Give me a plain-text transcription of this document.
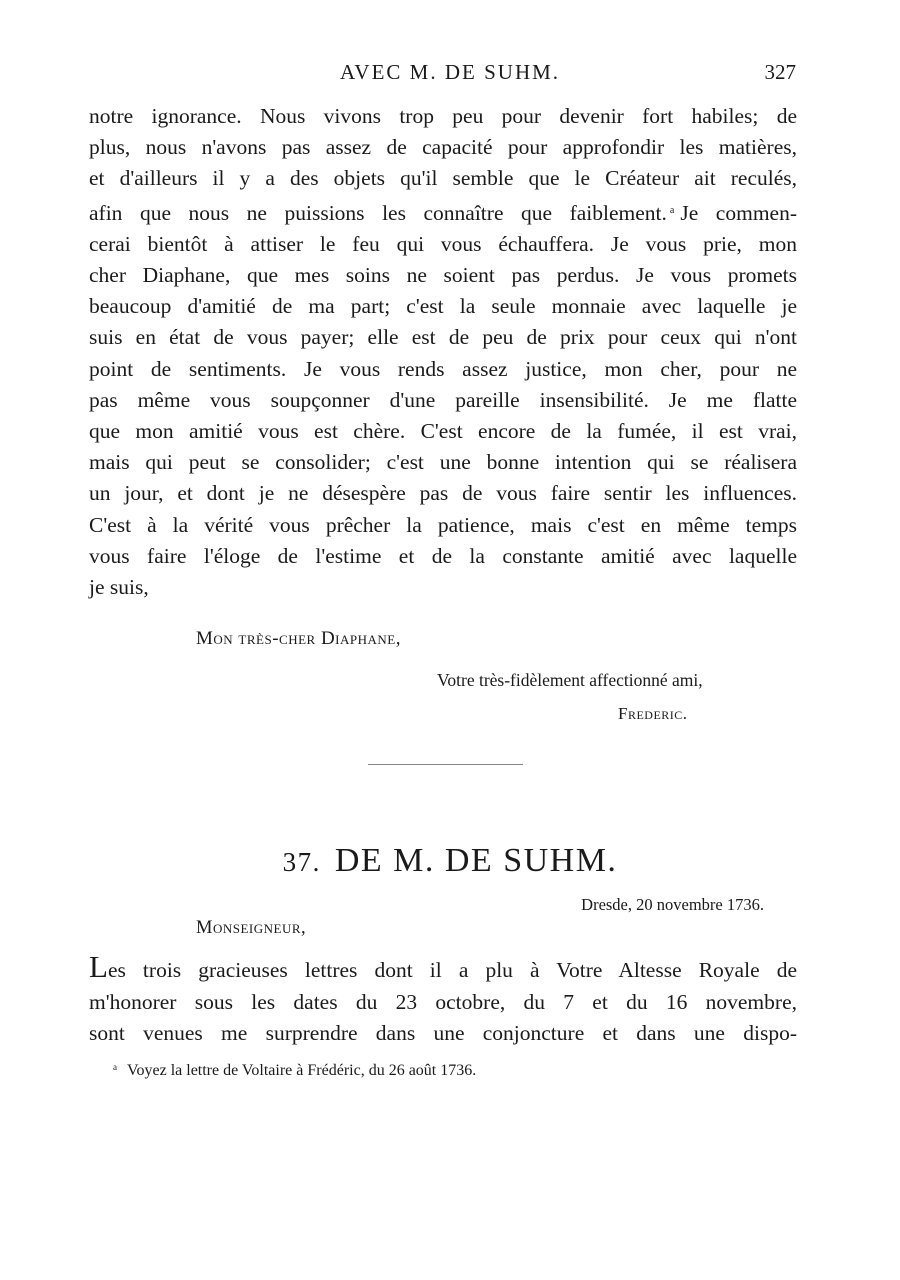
AVEC M. DE SUHM.	327
notre ignorance. Nous vivons trop peu pour devenir fort habiles; de
plus, nous n'avons pas assez de capacité pour approfondir les matières,
et d'ailleurs il y a des objets qu'il semble que le Créateur ait reculés,
afin que nous ne puissions les connaître que faiblement. $^a$ Je commen-
cerai bientôt à attiser le feu qui vous échauffera. Je vous prie, mon
cher Diaphane, que mes soins ne soient pas perdus. Je vous promets
beaucoup d'amitié de ma part; c'est la seule monnaie avec laquelle je
suis en état de vous payer; elle est de peu de prix pour ceux qui n'ont
point de sentiments. Je vous rends assez justice, mon cher, pour ne
pas même vous soupçonner d'une pareille insensibilité. Je me flatte
que mon amitié vous est chère. C'est encore de la fumée, il est vrai,
mais qui peut se consolider; c'est une bonne intention qui se réalisera
un jour, et dont je ne désespère pas de vous faire sentir les influences.
C'est à la vérité vous prêcher la patience, mais c'est en même temps
vous faire l'éloge de l'estime et de la constante amitié avec laquelle
je suis,
Mon très-cher Diaphane,
Votre très-fidèlement affectionné ami,
Frederic.
37. DE M. DE SUHM.
Dresde, 20 novembre 1736.
Monseigneur,
Les trois gracieuses lettres dont il a plu à Votre Altesse Royale de
m'honorer sous les dates du 23 octobre, du 7 et du 16 novembre,
sont venues me surprendre dans une conjoncture et dans une dispo-
$^a$ Voyez la lettre de Voltaire à Frédéric, du 26 août 1736.
